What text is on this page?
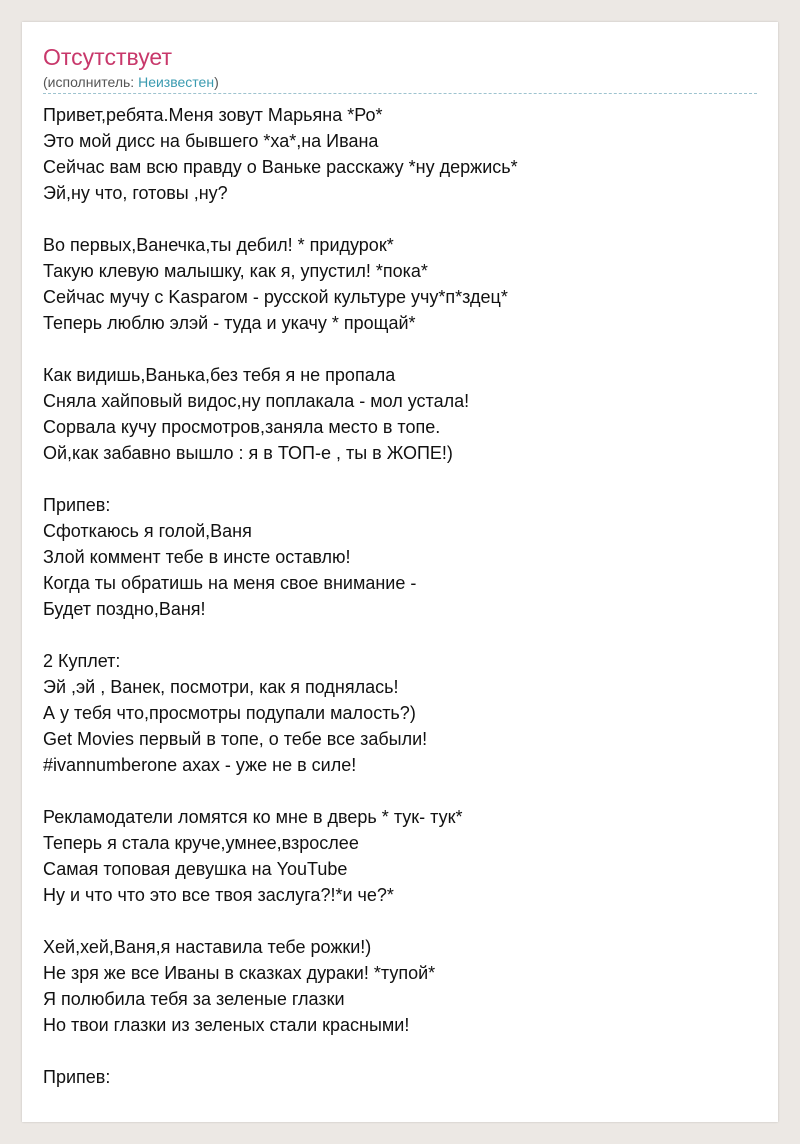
Отсутствует
(исполнитель: Неизвестен)
Привет,ребята.Меня зовут Марьяна *Ро*
Это мой дисс на бывшего *ха*,на Ивана
Сейчас вам всю правду о Ваньке расскажу *ну держись*
Эй,ну что, готовы ,ну?
Во первых,Ванечка,ты дебил! * придурок*
Такую клевую малышку, как я, упустил! *пока*
Сейчас мучу с Kasparом - русской культуре учу*п*здец*
Теперь люблю элэй - туда и укачу * прощай*
Как видишь,Ванька,без тебя я не пропала
Сняла хайповый видос,ну поплакала - мол устала!
Сорвала кучу просмотров,заняла место в топе.
Ой,как забавно вышло : я в ТОП-е , ты в ЖОПЕ!)
Припев:
Сфоткаюсь я голой,Ваня
Злой коммент тебе в инсте оставлю!
Когда ты обратишь на меня свое внимание -
Будет поздно,Ваня!
2 Куплет:
Эй ,эй , Ванек, посмотри, как я поднялась!
А у тебя что,просмотры подупали малость?)
Get Movies первый в топе, о тебе все забыли!
#ivannumberone ахах - уже не в силе!
Рекламодатели ломятся ко мне в дверь * тук- тук*
Теперь я стала круче,умнее,взрослее
Самая топовая девушка на YouTube
Ну и что что это все твоя заслуга?!*и че?*
Хей,хей,Ваня,я наставила тебе рожки!)
Не зря же все Иваны в сказках дураки! *тупой*
Я полюбила тебя за зеленые глазки
Но твои глазки из зеленых стали красными!
Припев:
